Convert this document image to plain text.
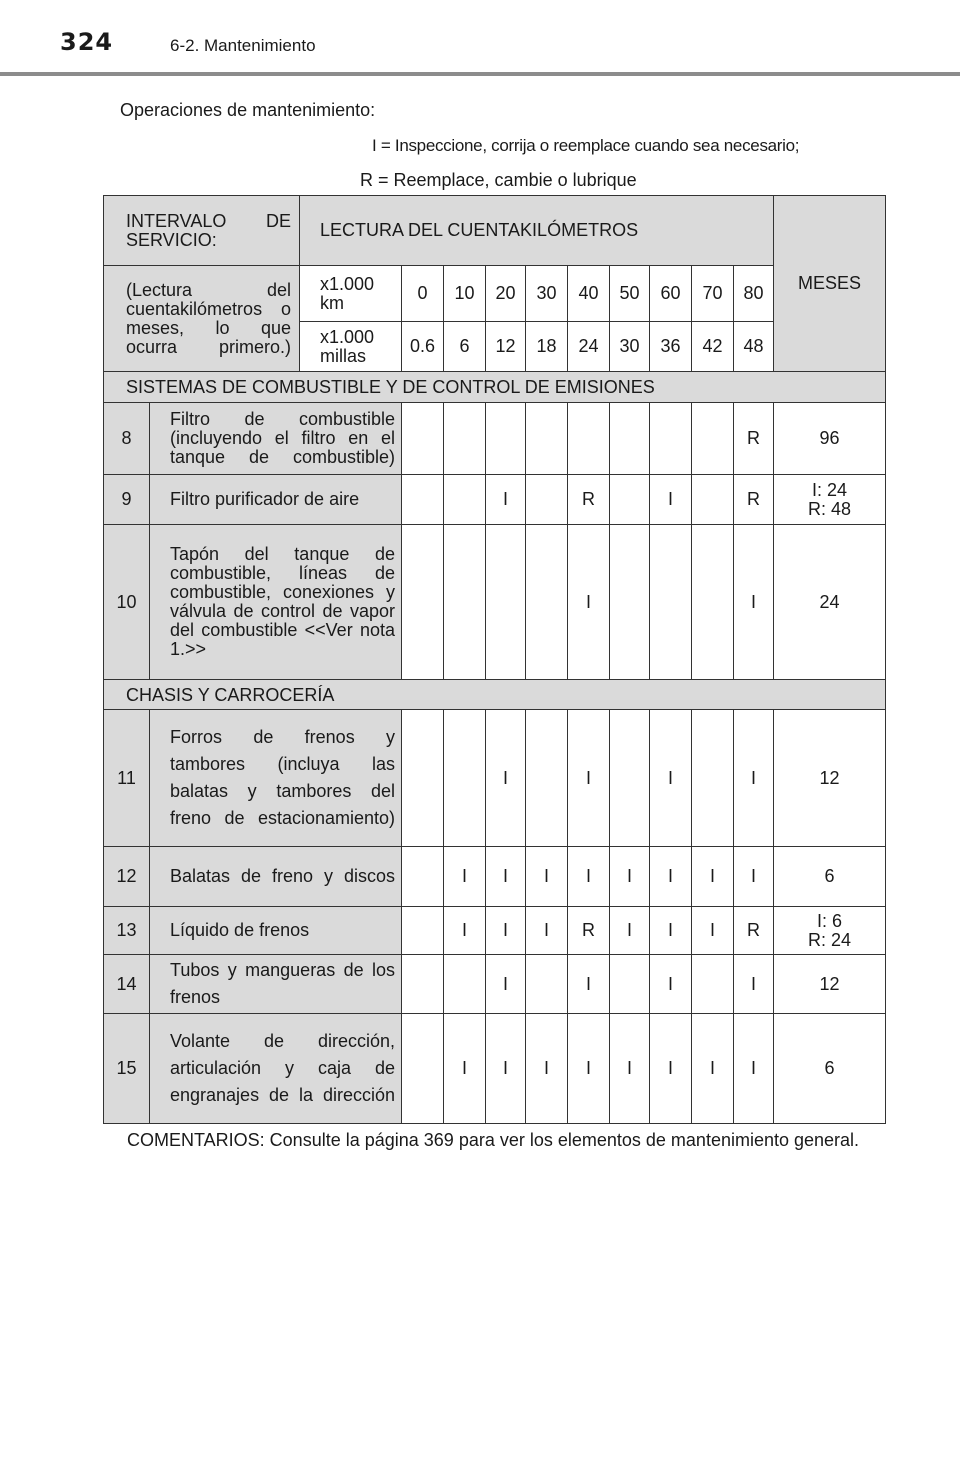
324	6-2. Mantenimiento
Operaciones de mantenimiento:
I = Inspeccione, corrija o reemplace cuando sea necesario;
R = Reemplace, cambie o lubrique
INTERVALO DE SERVICIO:		LECTURA DEL CUENTAKILÓMETROS										MESES
(Lectura del cuentakilómetros o meses, lo que ocurra primero.)		x1.000 km	0	10	20	30	40	50	60	70	80	
		x1.000 millas	0.6	6	12	18	24	30	36	42	48	
SISTEMAS DE COMBUSTIBLE Y DE CONTROL DE EMISIONES												
8	Filtro de combustible (incluyendo el filtro en el tanque de combustible)										R	96
9	Filtro purificador de aire				I		R		I		R	I: 24
R: 48
10	Tapón del tanque de combustible, líneas de combustible, conexiones y válvula de control de vapor del combustible <<Ver nota 1.>>						I				I	24
CHASIS Y CARROCERÍA												
11	Forros de frenos y tambores (incluya las balatas y tambores del freno de estacionamiento)				I		I		I		I	12
12	Balatas de freno y discos			I	I	I	I	I	I	I	I	6
13	Líquido de frenos			I	I	I	R	I	I	I	R	I: 6
R: 24
14	Tubos y mangueras de los frenos				I		I		I		I	12
15	Volante de dirección, articulación y caja de engranajes de la dirección			I	I	I	I	I	I	I	I	6
COMENTARIOS: Consulte la página 369 para ver los elementos de mantenimiento general.
